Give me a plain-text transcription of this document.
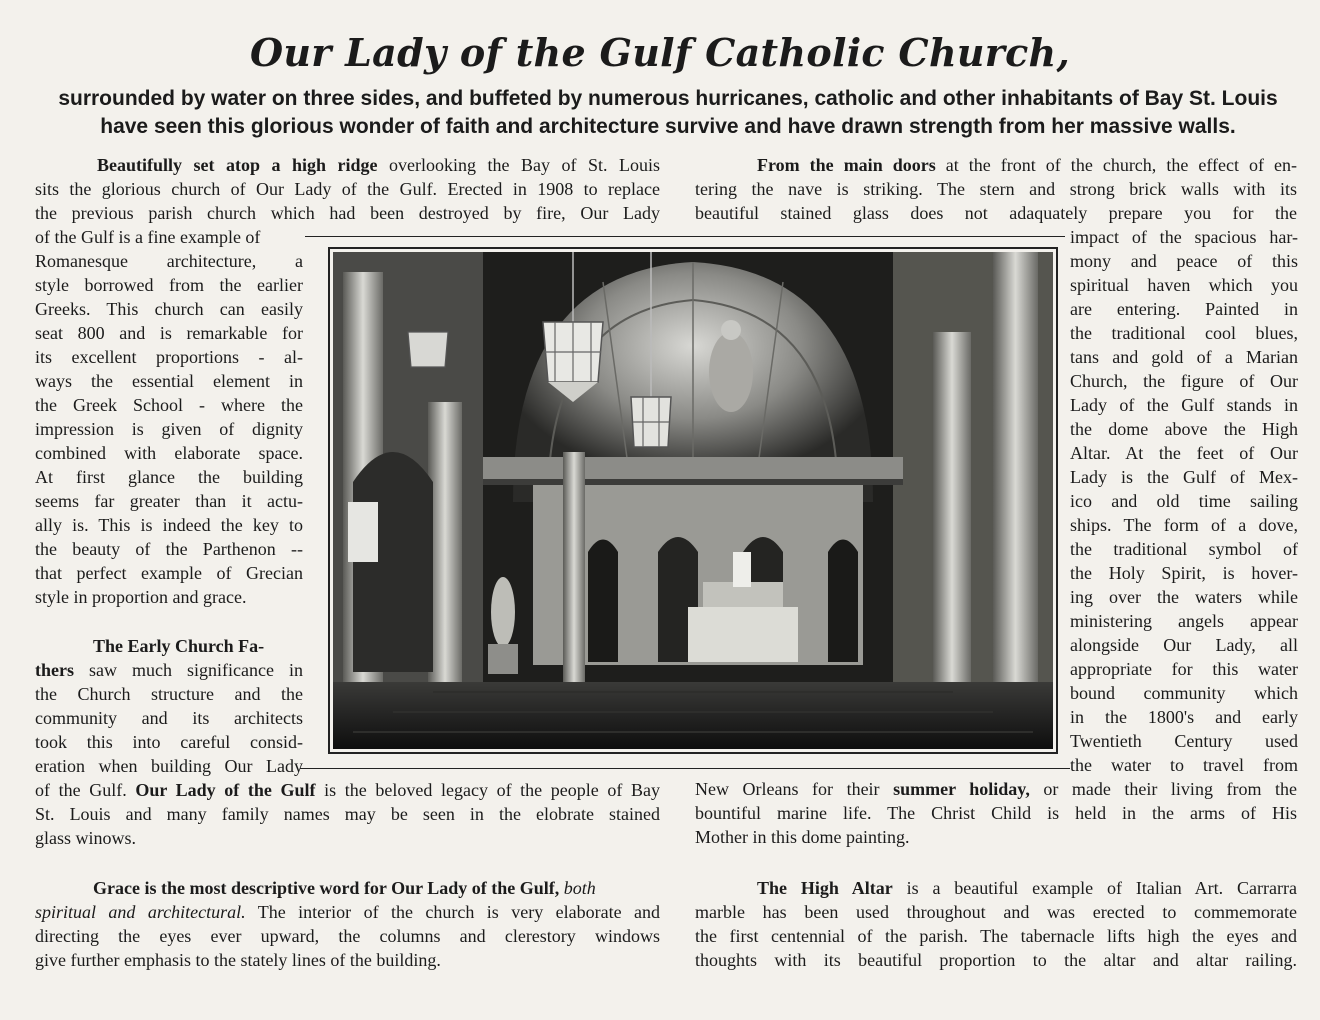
Our Lady of the Gulf Catholic Church,
surrounded by water on three sides, and buffeted by numerous hurricanes, catholic and other inhabitants of Bay St. Louis
have seen this glorious wonder of faith and architecture survive and have drawn strength from her massive walls.
Beautifully set atop a high ridge overlooking the Bay of St. Louis
sits the glorious church of Our Lady of the Gulf. Erected in 1908 to replace
the previous parish church which had been destroyed by fire, Our Lady
of the Gulf is a fine example of
Romanesque architecture, a
style borrowed from the earlier
Greeks. This church can easily
seat 800 and is remarkable for
its excellent proportions - al-
ways the essential element in
the Greek School - where the
impression is given of dignity
combined with elaborate space.
At first glance the building
seems far greater than it actu-
ally is. This is indeed the key to
the beauty of the Parthenon --
that perfect example of Grecian
style in proportion and grace.
The Early Church Fa-
thers saw much significance in
the Church structure and the
community and its architects
took this into careful consid-
eration when building Our Lady
of the Gulf. Our Lady of the Gulf is the beloved legacy of the people of Bay
St. Louis and many family names may be seen in the elobrate stained
glass winows.
Grace is the most descriptive word for Our Lady of the Gulf, both
spiritual and architectural. The interior of the church is very elaborate and
directing the eyes ever upward, the columns and clerestory windows
give further emphasis to the stately lines of the building.
From the main doors at the front of the church, the effect of en-
tering the nave is striking. The stern and strong brick walls with its
beautiful stained glass does not adaquately prepare you for the
impact of the spacious har-
mony and peace of this
spiritual haven which you
are entering. Painted in
the traditional cool blues,
tans and gold of a Marian
Church, the figure of Our
Lady of the Gulf stands in
the dome above the High
Altar. At the feet of Our
Lady is the Gulf of Mex-
ico and old time sailing
ships. The form of a dove,
the traditional symbol of
the Holy Spirit, is hover-
ing over the waters while
ministering angels appear
alongside Our Lady, all
appropriate for this water
bound community which
in the 1800's and early
Twentieth Century used
the water to travel from
New Orleans for their summer holiday, or made their living from the
bountiful marine life. The Christ Child is held in the arms of His
Mother in this dome painting.
The High Altar is a beautiful example of Italian Art. Carrarra
marble has been used throughout and was erected to commemorate
the first centennial of the parish. The tabernacle lifts high the eyes and
thoughts with its beautiful proportion to the altar and altar railing.
